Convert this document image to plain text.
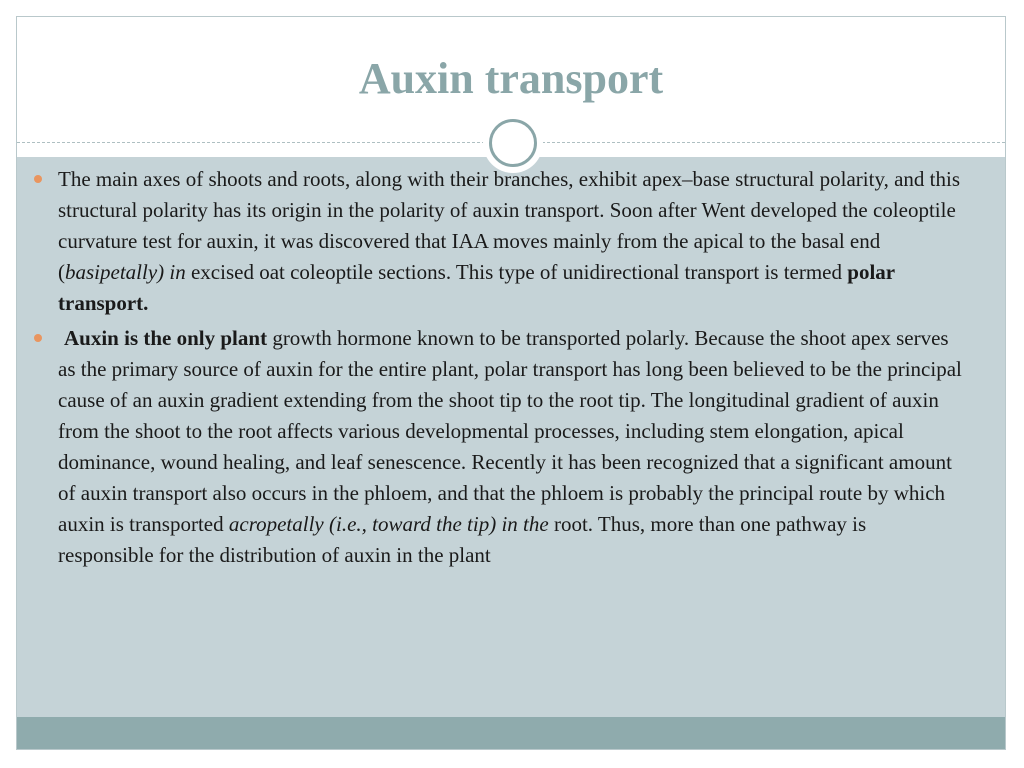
Auxin transport
The main axes of shoots and roots, along with their branches, exhibit apex–base structural polarity, and this structural polarity has its origin in the polarity of auxin transport. Soon after Went developed the coleoptile curvature test for auxin, it was discovered that IAA moves mainly from the apical to the basal end (basipetally) in excised oat coleoptile sections. This type of unidirectional transport is termed polar transport.
Auxin is the only plant growth hormone known to be transported polarly. Because the shoot apex serves as the primary source of auxin for the entire plant, polar transport has long been believed to be the principal cause of an auxin gradient extending from the shoot tip to the root tip. The longitudinal gradient of auxin from the shoot to the root affects various developmental processes, including stem elongation, apical dominance, wound healing, and leaf senescence. Recently it has been recognized that a significant amount of auxin transport also occurs in the phloem, and that the phloem is probably the principal route by which auxin is transported acropetally (i.e., toward the tip) in the root. Thus, more than one pathway is responsible for the distribution of auxin in the plant
